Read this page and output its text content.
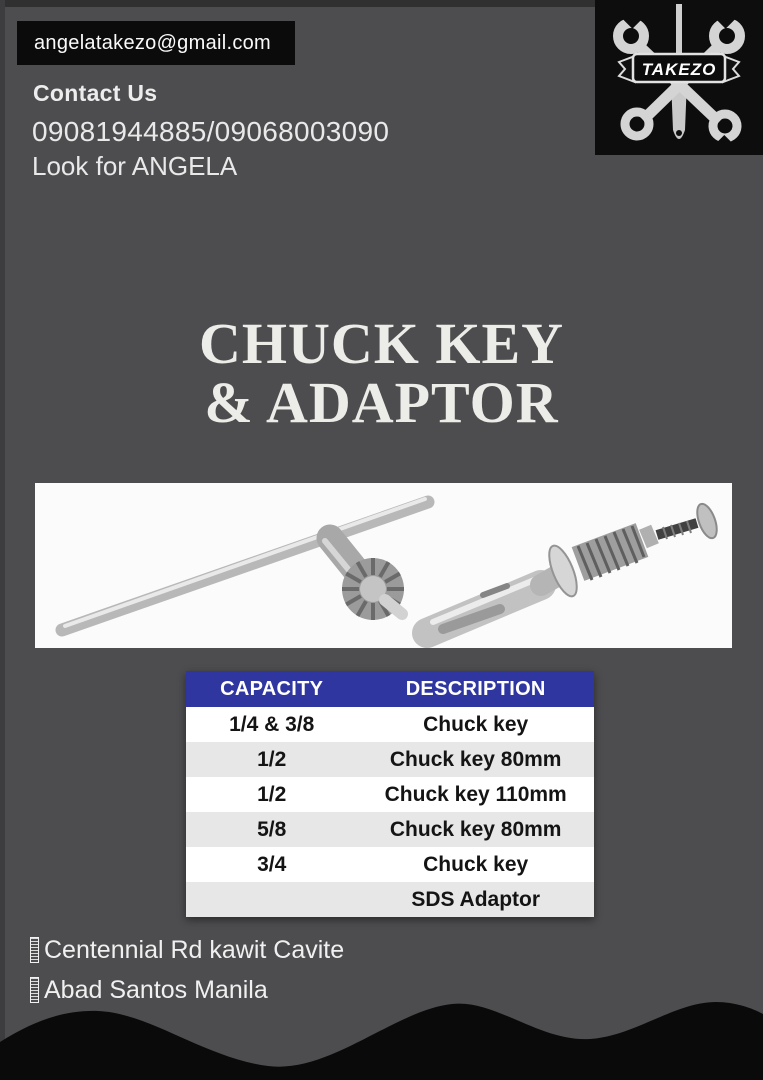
angelatakezo@gmail.com
Contact Us
09081944885/09068003090
Look for ANGELA
TAKEZO
CHUCK KEY
& ADAPTOR
CAPACITY	DESCRIPTION
1/4 & 3/8	Chuck key
1/2	Chuck key 80mm
1/2	Chuck key 110mm
5/8	Chuck key 80mm
3/4	Chuck key
	SDS Adaptor
Centennial Rd kawit Cavite
Abad Santos Manila
